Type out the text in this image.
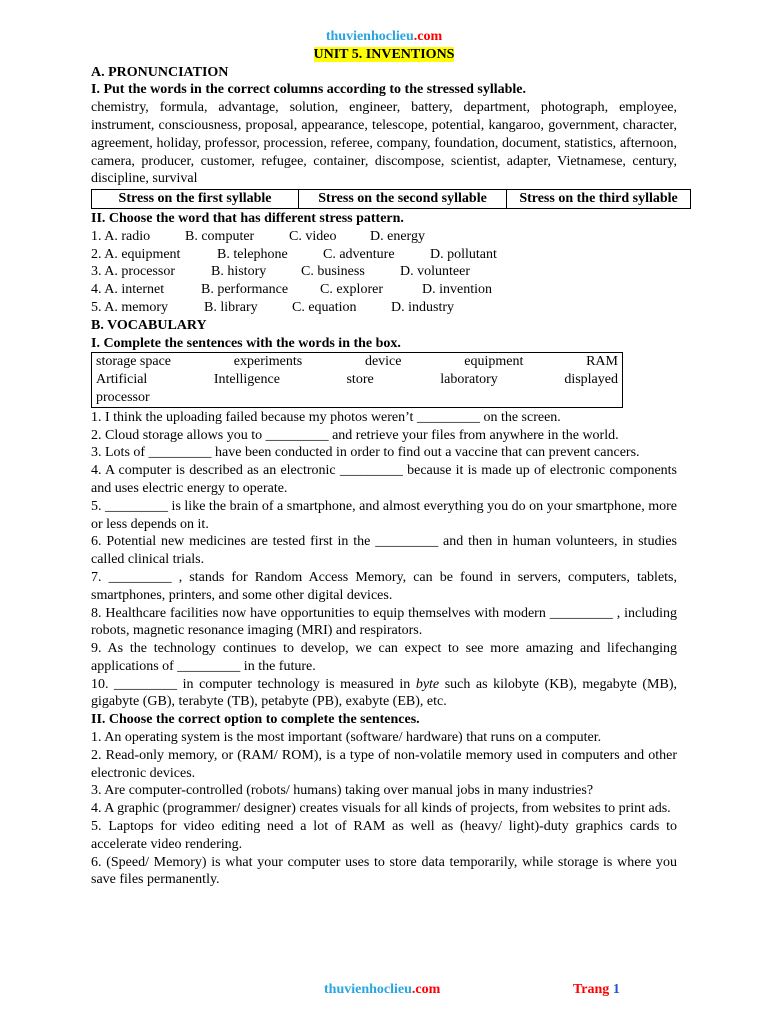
thuvienhoclieu.com
UNIT 5. INVENTIONS
A. PRONUNCIATION
I. Put the words in the correct columns according to the stressed syllable.
chemistry, formula, advantage, solution, engineer, battery, department, photograph, employee, instrument, consciousness, proposal, appearance, telescope, potential, kangaroo, government, character, agreement, holiday, professor, procession, referee, company, foundation, document, statistics, afternoon, camera, producer, customer, refugee, container, discompose, scientist, adapter, Vietnamese, century, discipline, survival
Stress on the first syllable	Stress on the second syllable	Stress on the third syllable
II. Choose the word that has different stress pattern.
1. A. radio	B. computer	C. video	D. energy
2. A. equipment	B. telephone	C. adventure	D. pollutant
3. A. processor	B. history	C. business	D. volunteer
4. A. internet	B. performance	C. explorer	D. invention
5. A. memory	B. library	C. equation	D. industry
B. VOCABULARY
I. Complete the sentences with the words in the box.
storage space	experiments	device	equipment	RAM
Artificial	Intelligence	store	laboratory	displayed
processor
1. I think the uploading failed because my photos weren’t _________ on the screen.
2. Cloud storage allows you to _________ and retrieve your files from anywhere in the world.
3. Lots of _________ have been conducted in order to find out a vaccine that can prevent cancers.
4. A computer is described as an electronic _________ because it is made up of electronic components and uses electric energy to operate.
5. _________ is like the brain of a smartphone, and almost everything you do on your smartphone, more or less depends on it.
6. Potential new medicines are tested first in the _________ and then in human volunteers, in studies called clinical trials.
7. _________ , stands for Random Access Memory, can be found in servers, computers, tablets, smartphones, printers, and some other digital devices.
8. Healthcare facilities now have opportunities to equip themselves with modern _________ , including robots, magnetic resonance imaging (MRI) and respirators.
9. As the technology continues to develop, we can expect to see more amazing and lifechanging applications of _________ in the future.
10. _________ in computer technology is measured in byte such as kilobyte (KB), megabyte (MB), gigabyte (GB), terabyte (TB), petabyte (PB), exabyte (EB), etc.
II. Choose the correct option to complete the sentences.
1. An operating system is the most important (software/ hardware) that runs on a computer.
2. Read-only memory, or (RAM/ ROM), is a type of non-volatile memory used in computers and other electronic devices.
3. Are computer-controlled (robots/ humans) taking over manual jobs in many industries?
4. A graphic (programmer/ designer) creates visuals for all kinds of projects, from websites to print ads.
5. Laptops for video editing need a lot of RAM as well as (heavy/ light)-duty graphics cards to accelerate video rendering.
6. (Speed/ Memory) is what your computer uses to store data temporarily, while storage is where you save files permanently.
thuvienhoclieu.com	Trang 1
